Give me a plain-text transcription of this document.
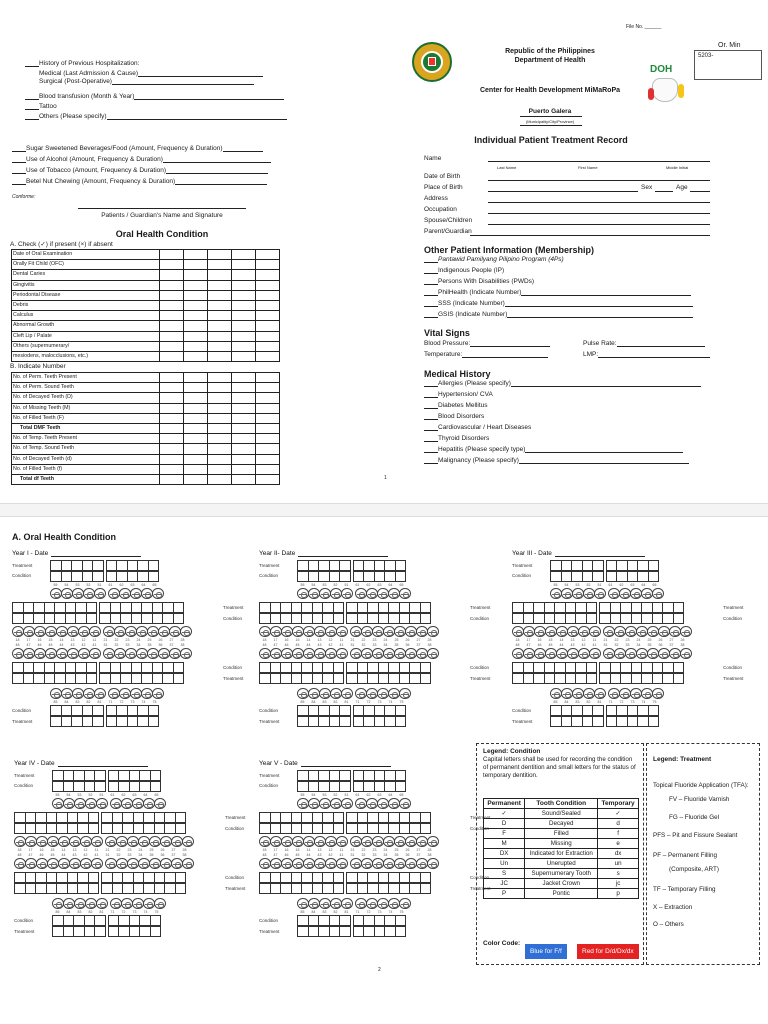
File No. ______
Or. Min
5203-
DOH
Republic of the Philippines
Department of Health
Center for Health Development MiMaRoPa
Puerto Galera
(Municipality/City/Province)
Individual Patient Treatment Record
History of Previous Hospitalization:
Medical (Last Admission & Cause)
Surgical (Post-Operative)
Blood transfusion (Month & Year)
Tattoo
Others (Please specify)
Sugar Sweetened Beverages/Food (Amount, Frequency & Duration)
Use of Alcohol (Amount, Frequency & Duration)
Use of Tobacco (Amount, Frequency & Duration)
Betel Nut Chewing (Amount, Frequency & Duration)
Conforme:
Patients / Guardian's Name and Signature
Oral Health Condition
A. Check (✓) if present (×) if absent
Date of Oral Examination					
Orally Fit Child (OFC)					
Dental Caries					
Gingivitis					
Periodontal Disease					
Debris					
Calculus					
Abnormal Growth					
Cleft Lip / Palate					
Others (supernumerary/					
mesiodens, malocclusions, etc.)					
B. Indicate Number
No. of Perm. Teeth Present					
No. of Perm. Sound Teeth					
No. of Decayed Teeth (D)					
No. of Missing Teeth (M)					
No. of Filled Teeth (F)					
Total DMF Teeth					
No. of Temp. Teeth Present					
No. of Temp. Sound Teeth					
No. of Decayed Teeth (d)					
No. of Filled Teeth (f)					
Total df Teeth						1
Name
Last Name	First Name	Middle Initial
Date of Birth
Place of Birth	Sex	Age
Address
Occupation
Spouse/Children
Parent/Guardian
Other Patient Information (Membership)
Pantawid Pamilyang Pilipino Program (4Ps)
Indigenous People (IP)
Persons With Disabilities (PWDs)
PhilHealth (Indicate Number)
SSS (Indicate Number)
GSIS (Indicate Number)
Vital Signs
Blood Pressure:	Pulse Rate:
Temperature:	LMP:
Medical History
Allergies (Please specify)
Hypertension/ CVA
Diabetes Mellitus
Blood Disorders
Cardiovascular / Heart Diseases
Thyroid Disorders
Hepatitis (Please specify type)
Malignancy (Please specify)
A. Oral Health Condition
Year I - Date
Treatment
Condition
55	54	53	52	51	61	62	63	64	65
Treatment
Condition
18	17	16	15	14	13	12	11	21	22	23	24	25	26	27	28
48	47	46	45	44	43	42	41	31	32	33	34	35	36	37	38
Condition
Treatment
85	84	83	82	81	71	72	73	74	75
Condition
Treatment
Year II- Date
Treatment
Condition
55	54	53	52	51	61	62	63	64	65
Treatment
Condition
18	17	16	15	14	13	12	11	21	22	23	24	25	26	27	28
48	47	46	45	44	43	42	41	31	32	33	34	35	36	37	38
Condition
Treatment
85	84	83	82	81	71	72	73	74	75
Condition
Treatment
Year III - Date
Treatment
Condition
55	54	53	52	51	61	62	63	64	65
Treatment
Condition
18	17	16	15	14	13	12	11	21	22	23	24	25	26	27	28
48	47	46	45	44	43	42	41	31	32	33	34	35	36	37	38
Condition
Treatment
85	84	83	82	81	71	72	73	74	75
Condition
Treatment
Year IV - Date
Treatment
Condition
55	54	53	52	51	61	62	63	64	65
Treatment
Condition
18	17	16	15	14	13	12	11	21	22	23	24	25	26	27	28
48	47	46	45	44	43	42	41	31	32	33	34	35	36	37	38
Condition
Treatment
85	84	83	82	81	71	72	73	74	75
Condition
Treatment
Year V - Date
Treatment
Condition
55	54	53	52	51	61	62	63	64	65
Treatment
Condition
18	17	16	15	14	13	12	11	21	22	23	24	25	26	27	28
48	47	46	45	44	43	42	41	31	32	33	34	35	36	37	38
Condition
Treatment
85	84	83	82	81	71	72	73	74	75
Condition
Treatment
Legend: Condition
Capital letters shall be used for recording the condition of permanent dentition and small letters for the status of temporary dentition.
Permanent	Tooth Condition	Temporary
✓	Sound/Sealed	✓
D	Decayed	d
F	Filled	f
M	Missing	e
DX	Indicated for Extraction	dx
Un	Unerupted	un
S	Supernumerary Tooth	s
JC	Jacket Crown	jc
P	Pontic	p
Color Code:
Blue for F/f	Red for D/d/Dx/dx
Legend: Treatment
Topical Fluoride Application (TFA):
FV – Fluoride Varnish
FG – Fluoride Gel
PFS – Pit and Fissure Sealant
PF – Permanent Filling
(Composite, ART)
TF – Temporary Filling
X – Extraction
O – Others
2
